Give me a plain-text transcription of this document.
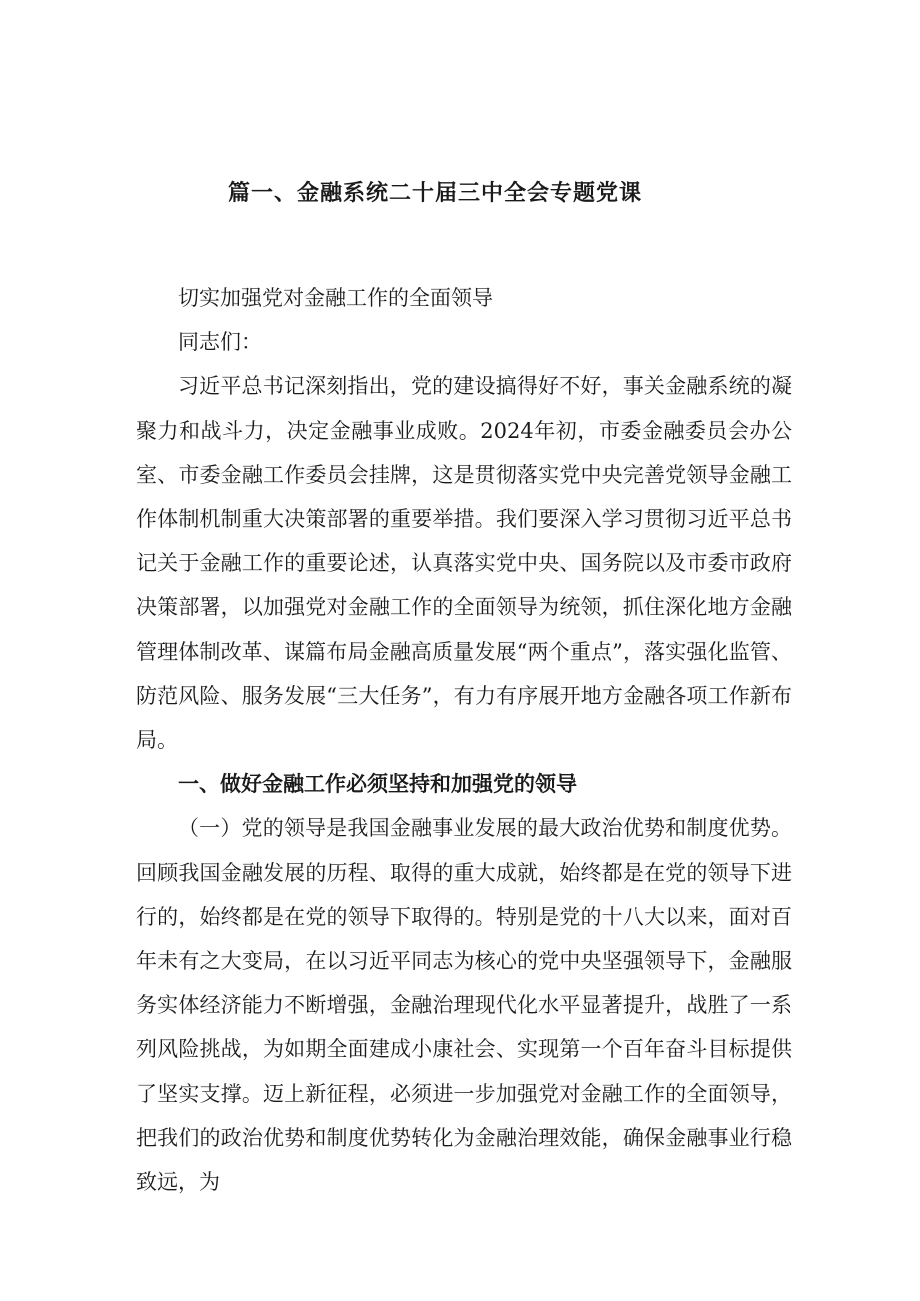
篇一、金融系统二十届三中全会专题党课

切实加强党对金融工作的全面领导

同志们：

习近平总书记深刻指出，党的建设搞得好不好，事关金融系统的凝聚力和战斗力，决定金融事业成败。2024年初，市委金融委员会办公室、市委金融工作委员会挂牌，这是贯彻落实党中央完善党领导金融工作体制机制重大决策部署的重要举措。我们要深入学习贯彻习近平总书记关于金融工作的重要论述，认真落实党中央、国务院以及市委市政府决策部署，以加强党对金融工作的全面领导为统领，抓住深化地方金融管理体制改革、谋篇布局金融高质量发展“两个重点”，落实强化监管、防范风险、服务发展“三大任务”，有力有序展开地方金融各项工作新布局。

一、做好金融工作必须坚持和加强党的领导

（一）党的领导是我国金融事业发展的最大政治优势和制度优势。回顾我国金融发展的历程、取得的重大成就，始终都是在党的领导下进行的，始终都是在党的领导下取得的。特别是党的十八大以来，面对百年未有之大变局，在以习近平同志为核心的党中央坚强领导下，金融服务实体经济能力不断增强，金融治理现代化水平显著提升，战胜了一系列风险挑战，为如期全面建成小康社会、实现第一个百年奋斗目标提供了坚实支撑。迈上新征程，必须进一步加强党对金融工作的全面领导，把我们的政治优势和制度优势转化为金融治理效能，确保金融事业行稳致远，为
